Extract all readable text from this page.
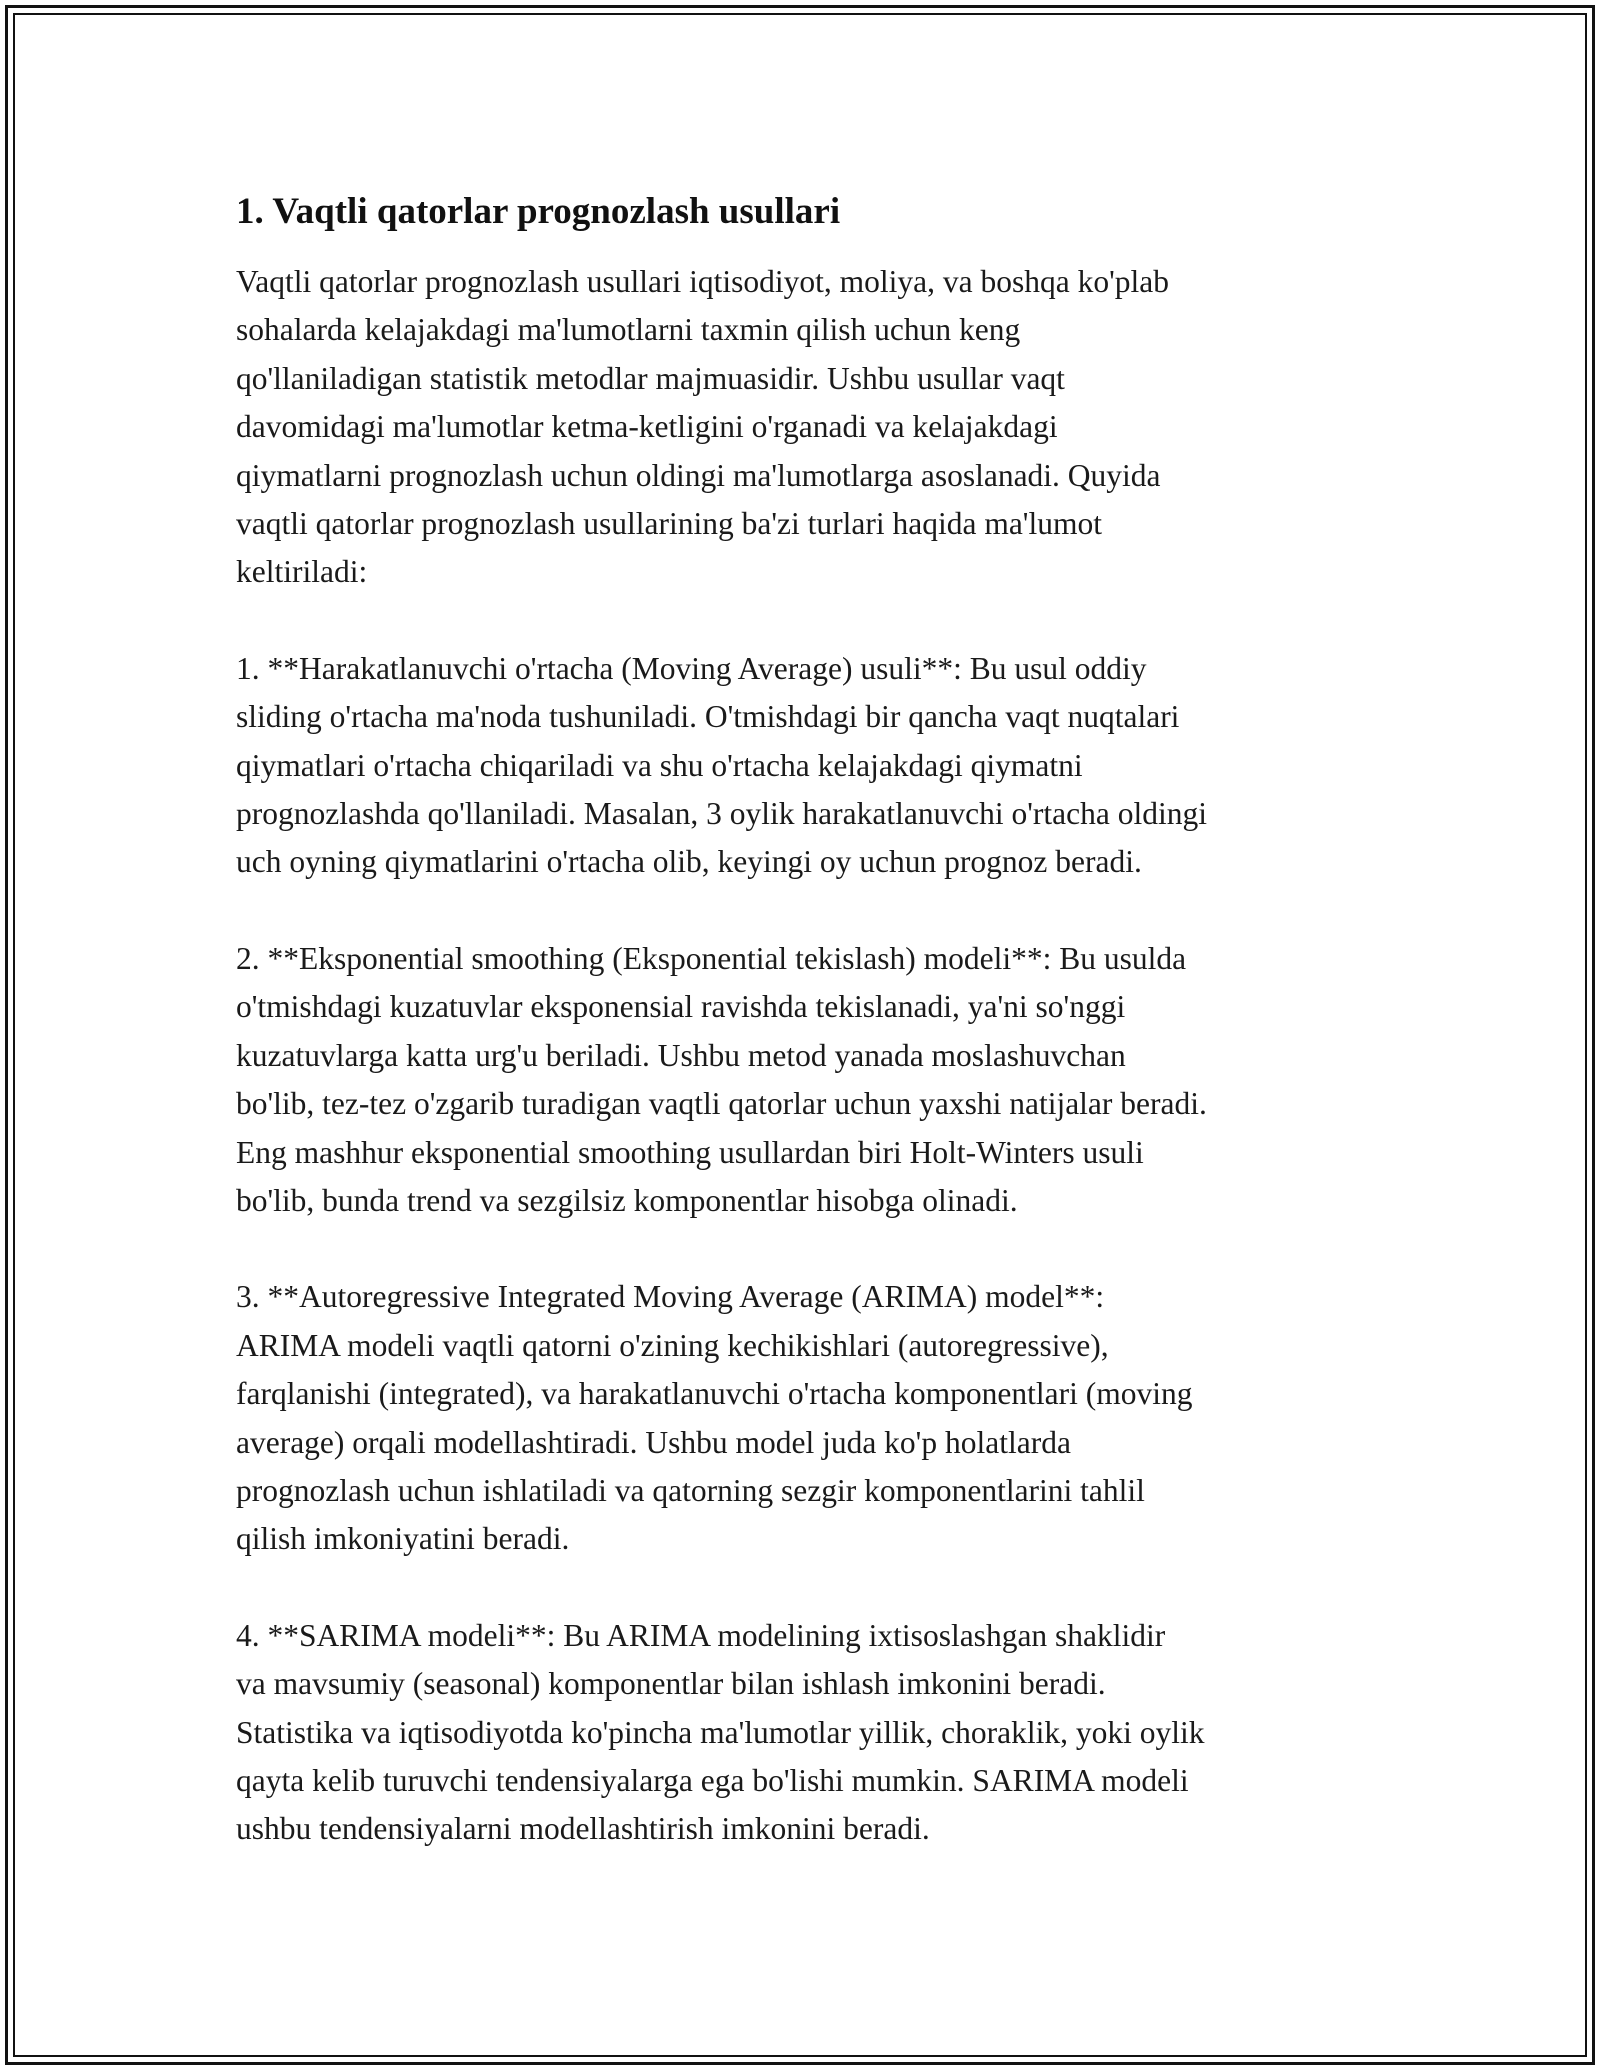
1. Vaqtli qatorlar prognozlash usullari

Vaqtli qatorlar prognozlash usullari iqtisodiyot, moliya, va boshqa ko'plab
sohalarda kelajakdagi ma'lumotlarni taxmin qilish uchun keng
qo'llaniladigan statistik metodlar majmuasidir. Ushbu usullar vaqt
davomidagi ma'lumotlar ketma-ketligini o'rganadi va kelajakdagi
qiymatlarni prognozlash uchun oldingi ma'lumotlarga asoslanadi. Quyida
vaqtli qatorlar prognozlash usullarining ba'zi turlari haqida ma'lumot
keltiriladi:

1. **Harakatlanuvchi o'rtacha (Moving Average) usuli**: Bu usul oddiy
sliding o'rtacha ma'noda tushuniladi. O'tmishdagi bir qancha vaqt nuqtalari
qiymatlari o'rtacha chiqariladi va shu o'rtacha kelajakdagi qiymatni
prognozlashda qo'llaniladi. Masalan, 3 oylik harakatlanuvchi o'rtacha oldingi
uch oyning qiymatlarini o'rtacha olib, keyingi oy uchun prognoz beradi.

2. **Eksponential smoothing (Eksponential tekislash) modeli**: Bu usulda
o'tmishdagi kuzatuvlar eksponensial ravishda tekislanadi, ya'ni so'nggi
kuzatuvlarga katta urg'u beriladi. Ushbu metod yanada moslashuvchan
bo'lib, tez-tez o'zgarib turadigan vaqtli qatorlar uchun yaxshi natijalar beradi.
Eng mashhur eksponential smoothing usullardan biri Holt-Winters usuli
bo'lib, bunda trend va sezgilsiz komponentlar hisobga olinadi.

3. **Autoregressive Integrated Moving Average (ARIMA) model**:
ARIMA modeli vaqtli qatorni o'zining kechikishlari (autoregressive),
farqlanishi (integrated), va harakatlanuvchi o'rtacha komponentlari (moving
average) orqali modellashtiradi. Ushbu model juda ko'p holatlarda
prognozlash uchun ishlatiladi va qatorning sezgir komponentlarini tahlil
qilish imkoniyatini beradi.

4. **SARIMA modeli**: Bu ARIMA modelining ixtisoslashgan shaklidir
va mavsumiy (seasonal) komponentlar bilan ishlash imkonini beradi.
Statistika va iqtisodiyotda ko'pincha ma'lumotlar yillik, choraklik, yoki oylik
qayta kelib turuvchi tendensiyalarga ega bo'lishi mumkin. SARIMA modeli
ushbu tendensiyalarni modellashtirish imkonini beradi.
